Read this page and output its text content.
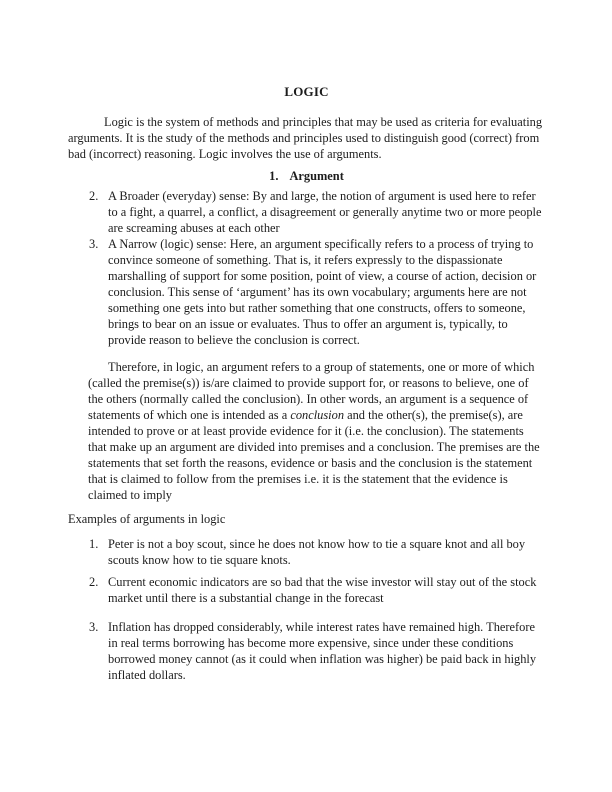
LOGIC

Logic is the system of methods and principles that may be used as criteria for evaluating arguments. It is the study of the methods and principles used to distinguish good (correct) from bad (incorrect) reasoning. Logic involves the use of arguments.

1. Argument
2. A Broader (everyday) sense: By and large, the notion of argument is used here to refer to a fight, a quarrel, a conflict, a disagreement or generally anytime two or more people are screaming abuses at each other
3. A Narrow (logic) sense: Here, an argument specifically refers to a process of trying to convince someone of something. That is, it refers expressly to the dispassionate marshalling of support for some position, point of view, a course of action, decision or conclusion. This sense of ‘argument’ has its own vocabulary; arguments here are not something one gets into but rather something that one constructs, offers to someone, brings to bear on an issue or evaluates. Thus to offer an argument is, typically, to provide reason to believe the conclusion is correct.

Therefore, in logic, an argument refers to a group of statements, one or more of which (called the premise(s)) is/are claimed to provide support for, or reasons to believe, one of the others (normally called the conclusion). In other words, an argument is a sequence of statements of which one is intended as a conclusion and the other(s), the premise(s), are intended to prove or at least provide evidence for it (i.e. the conclusion). The statements that make up an argument are divided into premises and a conclusion. The premises are the statements that set forth the reasons, evidence or basis and the conclusion is the statement that is claimed to follow from the premises i.e. it is the statement that the evidence is claimed to imply

Examples of arguments in logic

1. Peter is not a boy scout, since he does not know how to tie a square knot and all boy scouts know how to tie square knots.
2. Current economic indicators are so bad that the wise investor will stay out of the stock market until there is a substantial change in the forecast
3. Inflation has dropped considerably, while interest rates have remained high. Therefore in real terms borrowing has become more expensive, since under these conditions borrowed money cannot (as it could when inflation was higher) be paid back in highly inflated dollars.
